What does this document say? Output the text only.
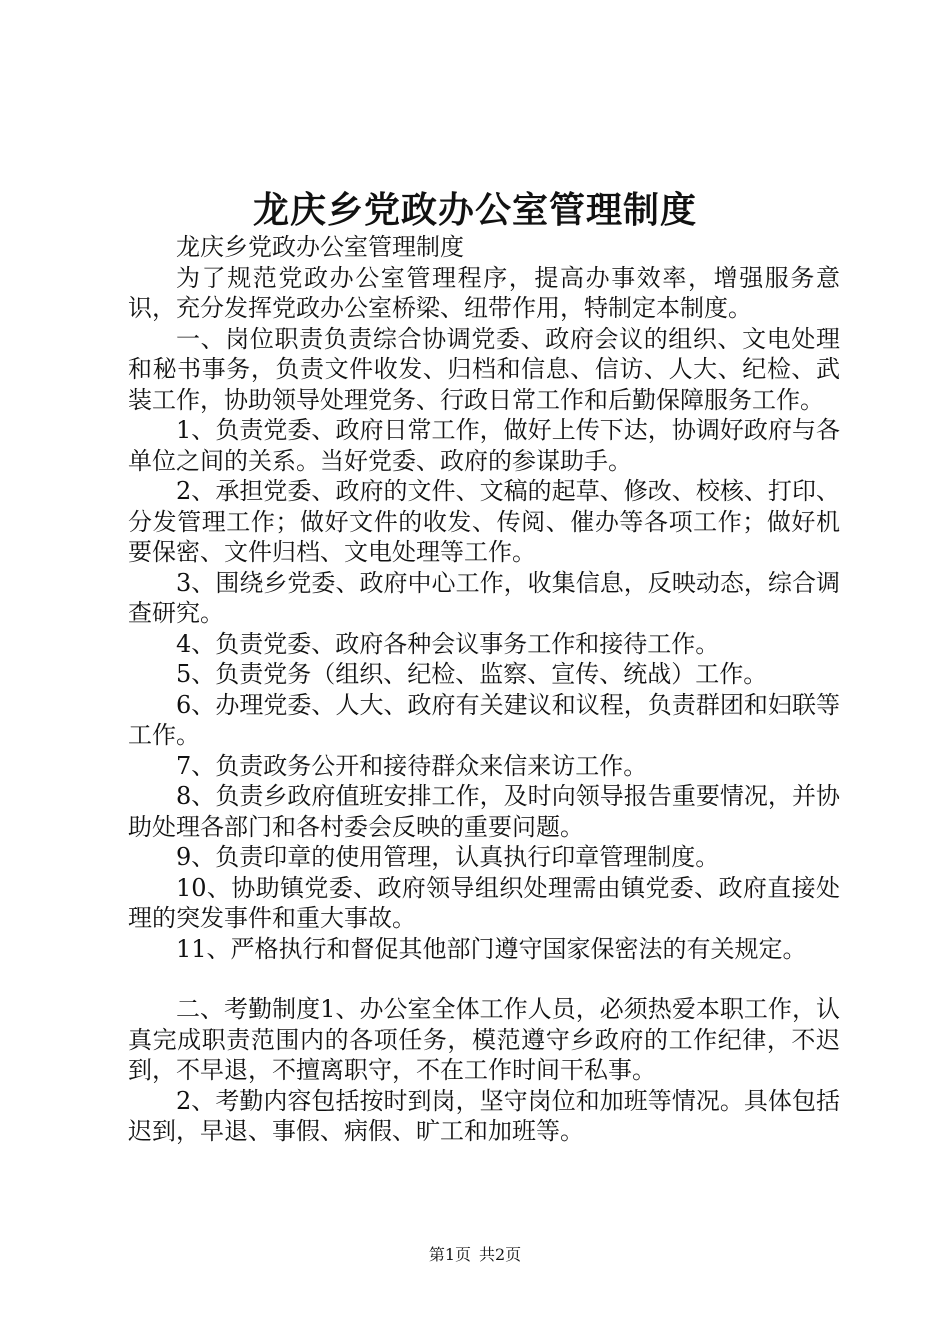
龙庆乡党政办公室管理制度

龙庆乡党政办公室管理制度

为了规范党政办公室管理程序，提高办事效率，增强服务意识，充分发挥党政办公室桥梁、纽带作用，特制定本制度。

一、岗位职责负责综合协调党委、政府会议的组织、文电处理和秘书事务，负责文件收发、归档和信息、信访、人大、纪检、武装工作，协助领导处理党务、行政日常工作和后勤保障服务工作。

1、负责党委、政府日常工作，做好上传下达，协调好政府与各单位之间的关系。当好党委、政府的参谋助手。

2、承担党委、政府的文件、文稿的起草、修改、校核、打印、分发管理工作；做好文件的收发、传阅、催办等各项工作；做好机要保密、文件归档、文电处理等工作。

3、围绕乡党委、政府中心工作，收集信息，反映动态，综合调查研究。

4、负责党委、政府各种会议事务工作和接待工作。

5、负责党务（组织、纪检、监察、宣传、统战）工作。

6、办理党委、人大、政府有关建议和议程，负责群团和妇联等工作。

7、负责政务公开和接待群众来信来访工作。

8、负责乡政府值班安排工作，及时向领导报告重要情况，并协助处理各部门和各村委会反映的重要问题。

9、负责印章的使用管理，认真执行印章管理制度。

10、协助镇党委、政府领导组织处理需由镇党委、政府直接处理的突发事件和重大事故。

11、严格执行和督促其他部门遵守国家保密法的有关规定。

二、考勤制度1、办公室全体工作人员，必须热爱本职工作，认真完成职责范围内的各项任务，模范遵守乡政府的工作纪律，不迟到，不早退，不擅离职守，不在工作时间干私事。

2、考勤内容包括按时到岗，坚守岗位和加班等情况。具体包括迟到，早退、事假、病假、旷工和加班等。

第1页 共2页
